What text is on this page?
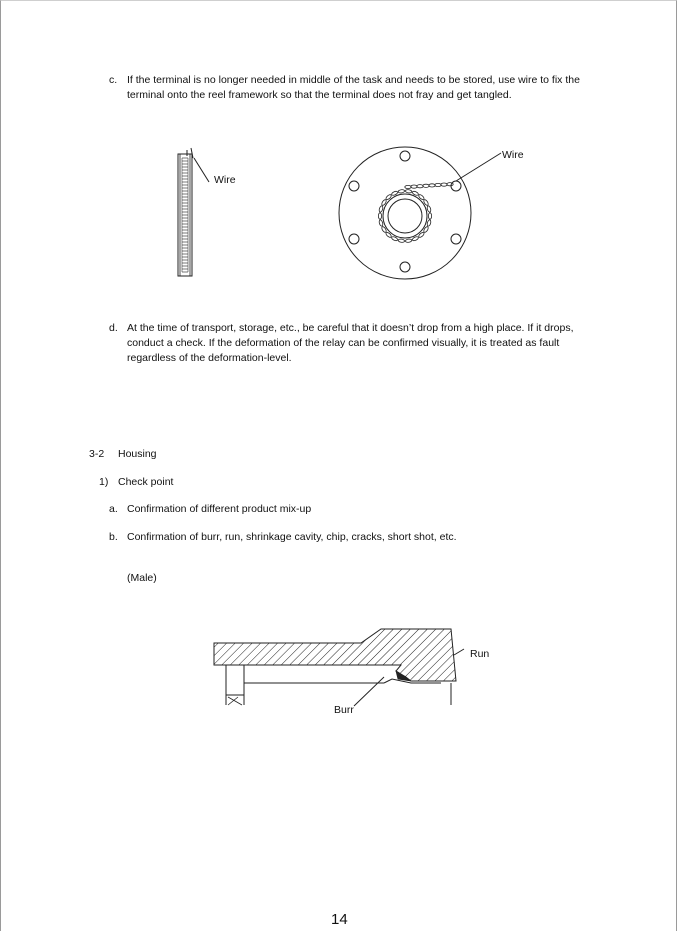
c. If the terminal is no longer needed in middle of the task and needs to be stored, use wire to fix the
terminal onto the reel framework so that the terminal does not fray and get tangled.
Wire
Wire
d. At the time of transport, storage, etc., be careful that it doesn’t drop from a high place. If it drops,
conduct a check. If the deformation of the relay can be confirmed visually, it is treated as fault
regardless of the deformation-level.
3-2 Housing
1) Check point
a. Confirmation of different product mix-up
b. Confirmation of burr, run, shrinkage cavity, chip, cracks, short shot, etc.
(Male)
Run
Burr
14
